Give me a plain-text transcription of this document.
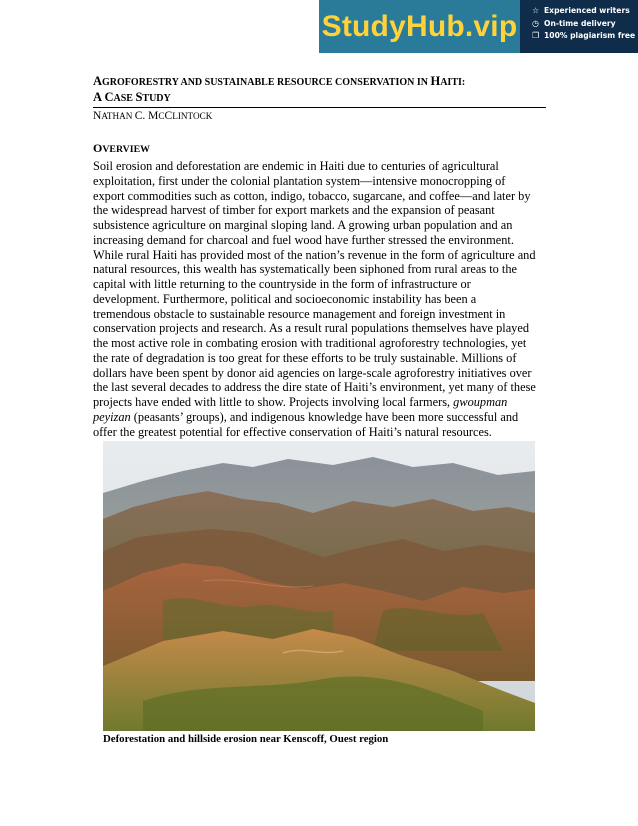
StudyHub.vip	☆ Experienced writers
◷ On-time delivery
❐ 100% plagiarism free
AGROFORESTRY AND SUSTAINABLE RESOURCE CONSERVATION IN HAITI:
A CASE STUDY
NATHAN C. MCCLINTOCK
OVERVIEW
Soil erosion and deforestation are endemic in Haiti due to centuries of agricultural
exploitation, first under the colonial plantation system—intensive monocropping of
export commodities such as cotton, indigo, tobacco, sugarcane, and coffee—and later by
the widespread harvest of timber for export markets and the expansion of peasant
subsistence agriculture on marginal sloping land. A growing urban population and an
increasing demand for charcoal and fuel wood have further stressed the environment.
While rural Haiti has provided most of the nation’s revenue in the form of agriculture and
natural resources, this wealth has systematically been siphoned from rural areas to the
capital with little returning to the countryside in the form of infrastructure or
development. Furthermore, political and socioeconomic instability has been a
tremendous obstacle to sustainable resource management and foreign investment in
conservation projects and research. As a result rural populations themselves have played
the most active role in combating erosion with traditional agroforestry technologies, yet
the rate of degradation is too great for these efforts to be truly sustainable. Millions of
dollars have been spent by donor aid agencies on large-scale agroforestry initiatives over
the last several decades to address the dire state of Haiti’s environment, yet many of these
projects have ended with little to show. Projects involving local farmers, gwoupman
peyizan (peasants’ groups), and indigenous knowledge have been more successful and
offer the greatest potential for effective conservation of Haiti’s natural resources.
Deforestation and hillside erosion near Kenscoff, Ouest region
